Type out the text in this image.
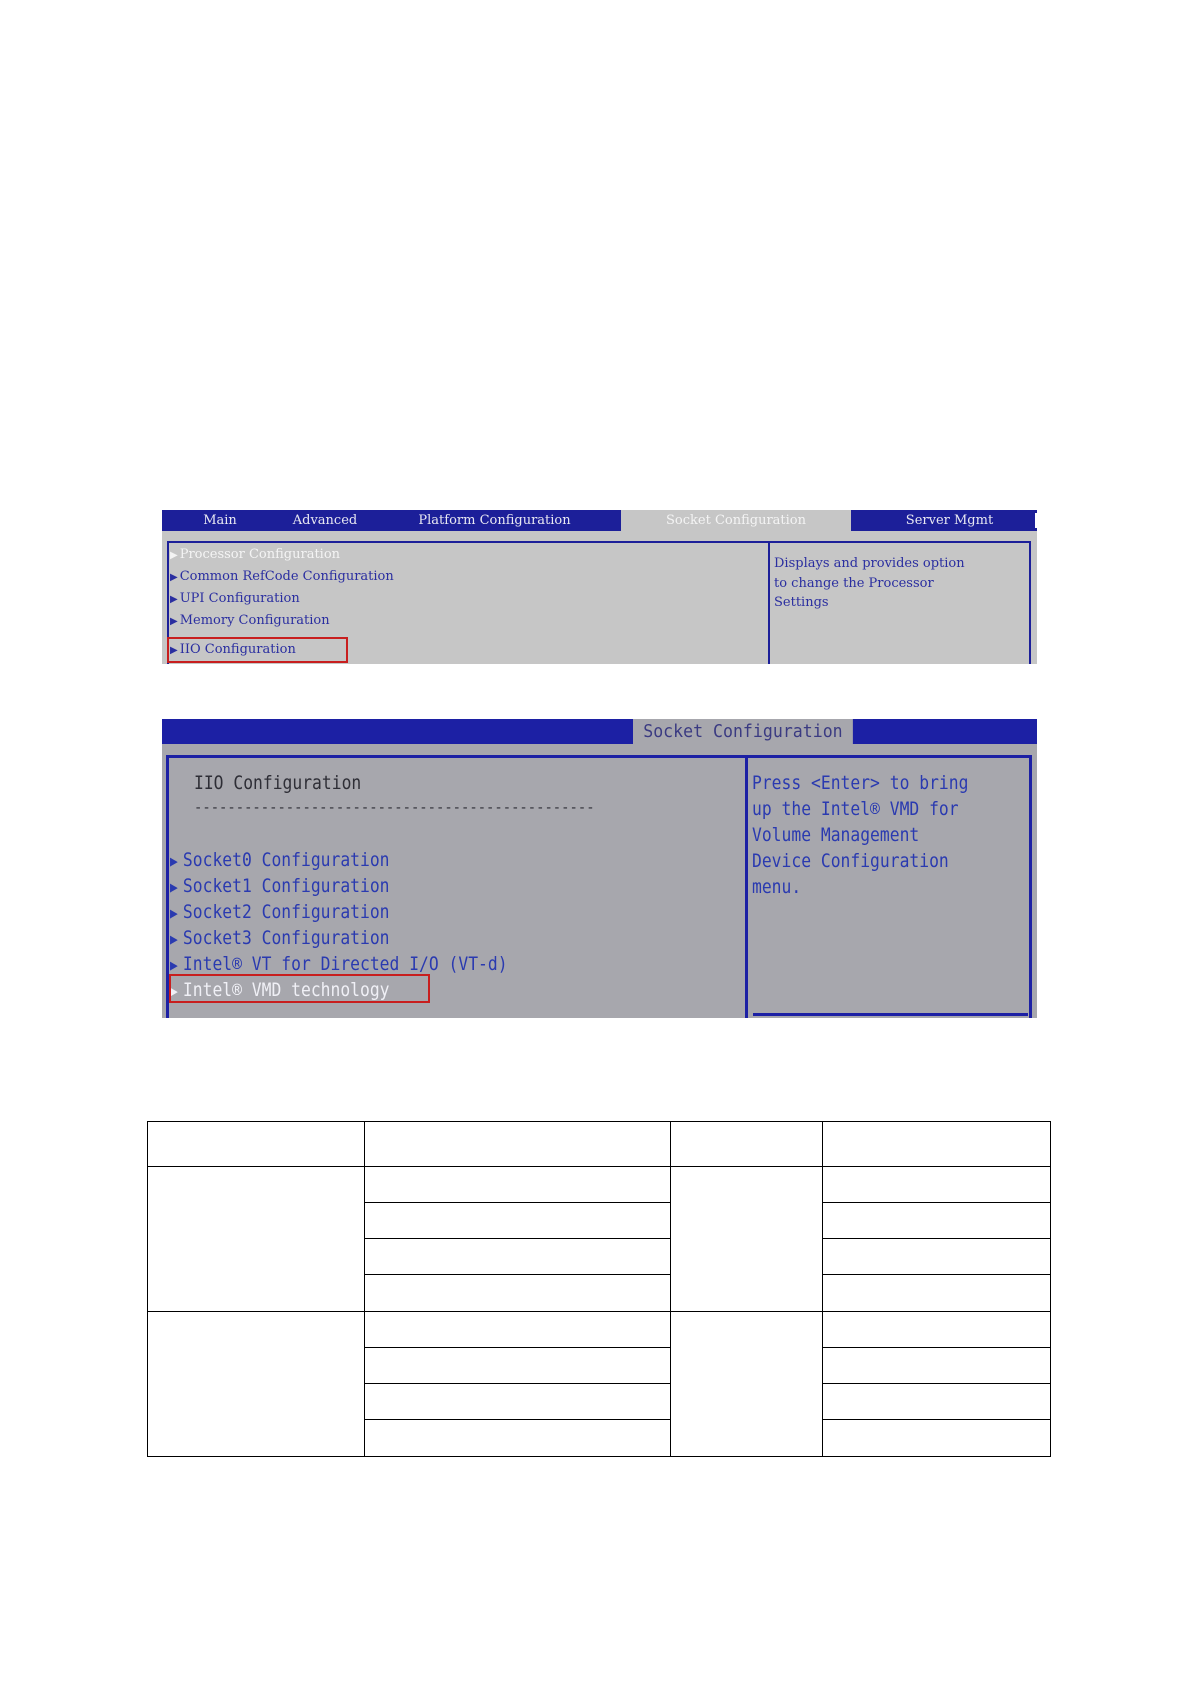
Main	Advanced	Platform Configuration	Socket Configuration	Server Mgmt
▶ Processor Configuration
▶ Common RefCode Configuration
▶ UPI Configuration
▶ Memory Configuration
▶ IIO Configuration
Displays and provides option
to change the Processor
Settings
Socket Configuration
IIO Configuration
------------------------------------------------
▶ Socket0 Configuration
▶ Socket1 Configuration
▶ Socket2 Configuration
▶ Socket3 Configuration
▶ Intel® VT for Directed I/O (VT-d)
▶ Intel® VMD technology
Press <Enter> to bring
up the Intel® VMD for
Volume Management
Device Configuration
menu.
